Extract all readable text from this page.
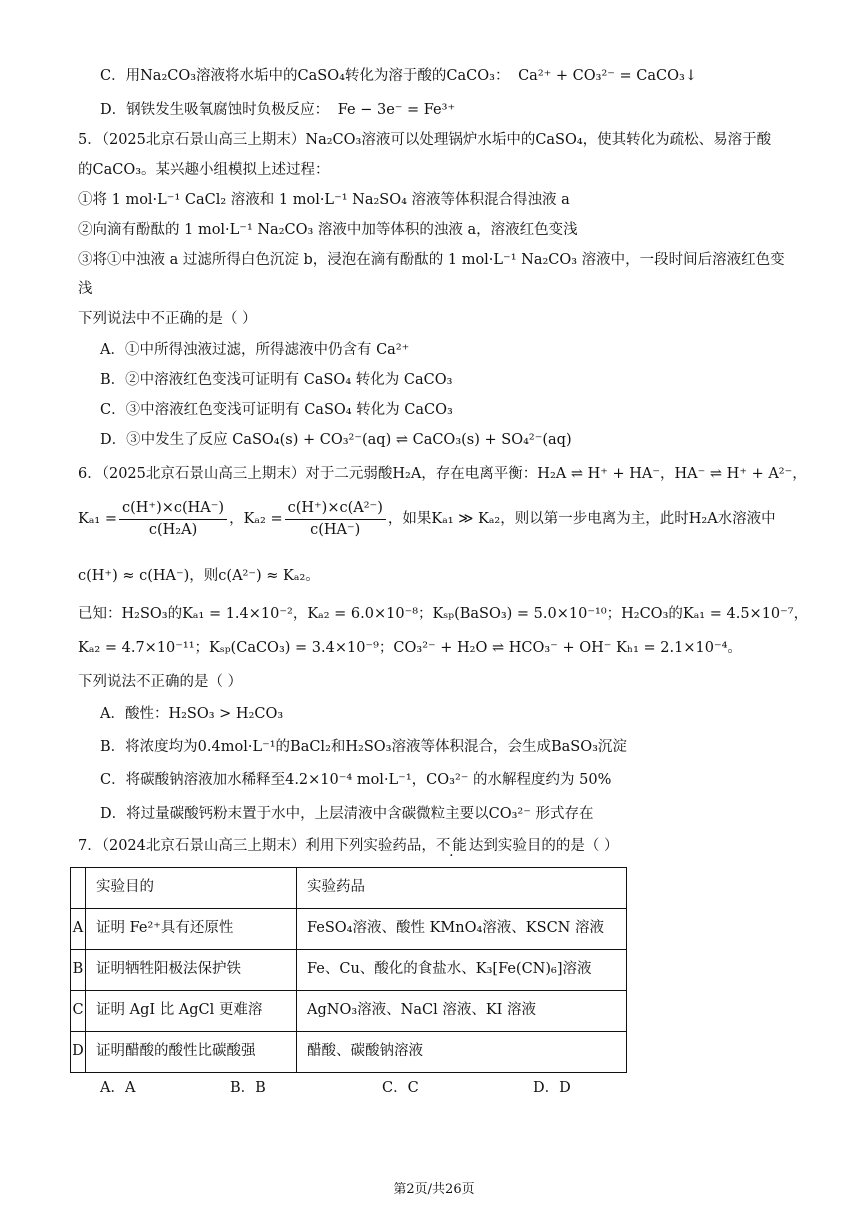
C．用Na₂CO₃溶液将水垢中的CaSO₄转化为溶于酸的CaCO₃： Ca²⁺ + CO₃²⁻ = CaCO₃↓
D．钢铁发生吸氧腐蚀时负极反应： Fe − 3e⁻ = Fe³⁺
5．（2025北京石景山高三上期末）Na₂CO₃溶液可以处理锅炉水垢中的CaSO₄，使其转化为疏松、易溶于酸
的CaCO₃。某兴趣小组模拟上述过程：
①将 1 mol·L⁻¹ CaCl₂ 溶液和 1 mol·L⁻¹ Na₂SO₄ 溶液等体积混合得浊液 a
②向滴有酚酞的 1 mol·L⁻¹ Na₂CO₃ 溶液中加等体积的浊液 a，溶液红色变浅
③将①中浊液 a 过滤所得白色沉淀 b，浸泡在滴有酚酞的 1 mol·L⁻¹ Na₂CO₃ 溶液中，一段时间后溶液红色变
浅
下列说法中不正确的是（ ）
A．①中所得浊液过滤，所得滤液中仍含有 Ca²⁺
B．②中溶液红色变浅可证明有 CaSO₄ 转化为 CaCO₃
C．③中溶液红色变浅可证明有 CaSO₄ 转化为 CaCO₃
D．③中发生了反应 CaSO₄(s) + CO₃²⁻(aq) ⇌ CaCO₃(s) + SO₄²⁻(aq)
6．（2025北京石景山高三上期末）对于二元弱酸H₂A，存在电离平衡：H₂A ⇌ H⁺ + HA⁻，HA⁻ ⇌ H⁺ + A²⁻，
$K_{a1} = \frac{c(H^+)\times c(HA^-)}{\text{c(H₂A)}}$ ，$K_{a2} = \frac{\text{c(H⁺)×c(A²⁻)}}{c(HA^-)}$ ，如果Kₐ₁ ≫ Kₐ₂，则以第一步电离为主，此时H₂A水溶液中
c(H⁺) ≈ c(HA⁻)，则c(A²⁻) ≈ Kₐ₂。
已知：H₂SO₃的Kₐ₁ = 1.4×10⁻²，Kₐ₂ = 6.0×10⁻⁸；Kₛₚ(BaSO₃) = 5.0×10⁻¹⁰；H₂CO₃的Kₐ₁ = 4.5×10⁻⁷，
Kₐ₂ = 4.7×10⁻¹¹；Kₛₚ(CaCO₃) = 3.4×10⁻⁹；CO₃²⁻ + H₂O ⇌ HCO₃⁻ + OH⁻ Kₕ₁ = 2.1×10⁻⁴。
下列说法不正确的是（ ）
A．酸性：H₂SO₃ > H₂CO₃
B．将浓度均为0.4mol·L⁻¹的BaCl₂和H₂SO₃溶液等体积混合，会生成BaSO₃沉淀
C．将碳酸钠溶液加水稀释至4.2×10⁻⁴ mol·L⁻¹，CO₃²⁻ 的水解程度约为 50%
D．将过量碳酸钙粉末置于水中，上层清液中含碳微粒主要以CO₃²⁻ 形式存在
7．（2024北京石景山高三上期末）利用下列实验药品，不能达到实验目的的是（ ）
	实验目的	实验药品
A	证明 Fe²⁺具有还原性	FeSO₄溶液、酸性 KMnO₄溶液、KSCN 溶液
B	证明牺牲阳极法保护铁	Fe、Cu、酸化的食盐水、K₃[Fe(CN)₆]溶液
C	证明 AgI 比 AgCl 更难溶	AgNO₃溶液、NaCl 溶液、KI 溶液
D	证明醋酸的酸性比碳酸强	醋酸、碳酸钠溶液
A．A	B．B	C．C	D．D
第2页/共26页
